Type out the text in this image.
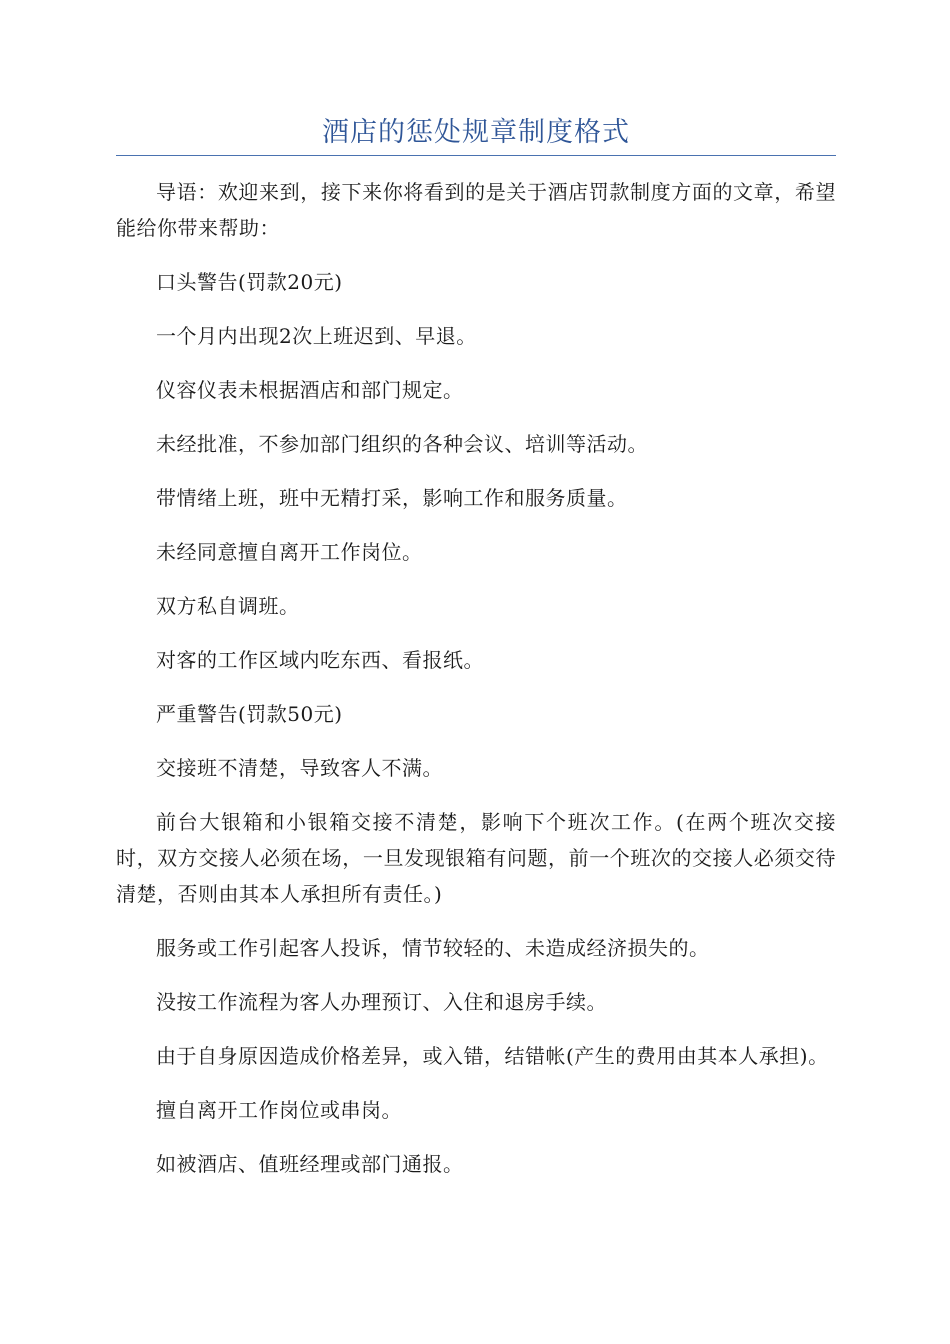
酒店的惩处规章制度格式

导语：欢迎来到，接下来你将看到的是关于酒店罚款制度方面的文章，希望能给你带来帮助：

口头警告(罚款20元)

一个月内出现2次上班迟到、早退。

仪容仪表未根据酒店和部门规定。

未经批准，不参加部门组织的各种会议、培训等活动。

带情绪上班，班中无精打采，影响工作和服务质量。

未经同意擅自离开工作岗位。

双方私自调班。

对客的工作区域内吃东西、看报纸。

严重警告(罚款50元)

交接班不清楚，导致客人不满。

前台大银箱和小银箱交接不清楚，影响下个班次工作。(在两个班次交接时，双方交接人必须在场，一旦发现银箱有问题，前一个班次的交接人必须交待清楚，否则由其本人承担所有责任。)

服务或工作引起客人投诉，情节较轻的、未造成经济损失的。

没按工作流程为客人办理预订、入住和退房手续。

由于自身原因造成价格差异，或入错，结错帐(产生的费用由其本人承担)。

擅自离开工作岗位或串岗。

如被酒店、值班经理或部门通报。
